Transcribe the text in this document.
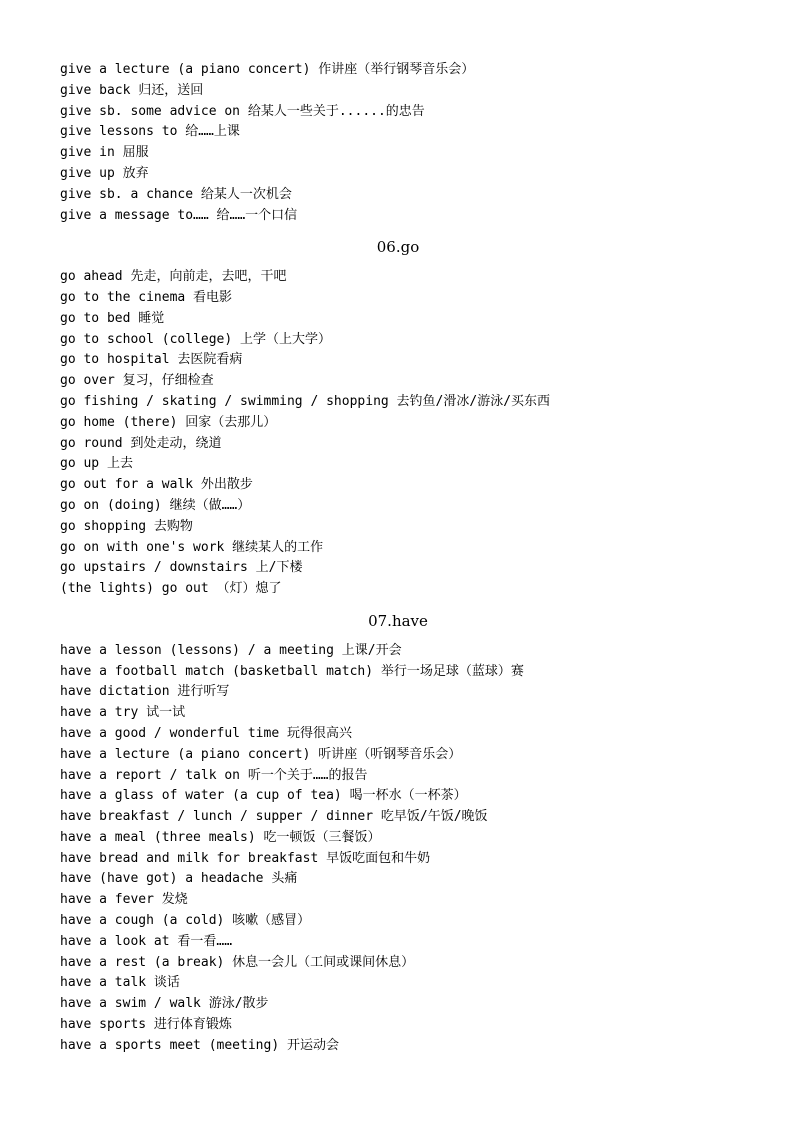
give a lecture (a piano concert) 作讲座（举行钢琴音乐会）
give back 归还，送回
give sb. some advice on 给某人一些关于......的忠告
give lessons to 给……上课
give in 屈服
give up 放弃
give sb. a chance 给某人一次机会
give a message to…… 给……一个口信
06.go
go ahead 先走，向前走，去吧，干吧
go to the cinema 看电影
go to bed 睡觉
go to school (college) 上学（上大学）
go to hospital 去医院看病
go over 复习，仔细检查
go fishing / skating / swimming / shopping 去钓鱼/滑冰/游泳/买东西
go home (there) 回家（去那儿）
go round 到处走动，绕道
go up 上去
go out for a walk 外出散步
go on (doing) 继续（做……）
go shopping 去购物
go on with one's work 继续某人的工作
go upstairs / downstairs 上/下楼
(the lights) go out （灯）熄了
07.have
have a lesson (lessons) / a meeting 上课/开会
have a football match (basketball match) 举行一场足球（蓝球）赛
have dictation 进行听写
have a try 试一试
have a good / wonderful time 玩得很高兴
have a lecture (a piano concert) 听讲座（听钢琴音乐会）
have a report / talk on 听一个关于……的报告
have a glass of water (a cup of tea) 喝一杯水（一杯茶）
have breakfast / lunch / supper / dinner 吃早饭/午饭/晚饭
have a meal (three meals) 吃一顿饭（三餐饭）
have bread and milk for breakfast 早饭吃面包和牛奶
have (have got) a headache 头痛
have a fever 发烧
have a cough (a cold) 咳嗽（感冒）
have a look at 看一看……
have a rest (a break) 休息一会儿（工间或课间休息）
have a talk 谈话
have a swim / walk 游泳/散步
have sports 进行体育锻炼
have a sports meet (meeting) 开运动会
